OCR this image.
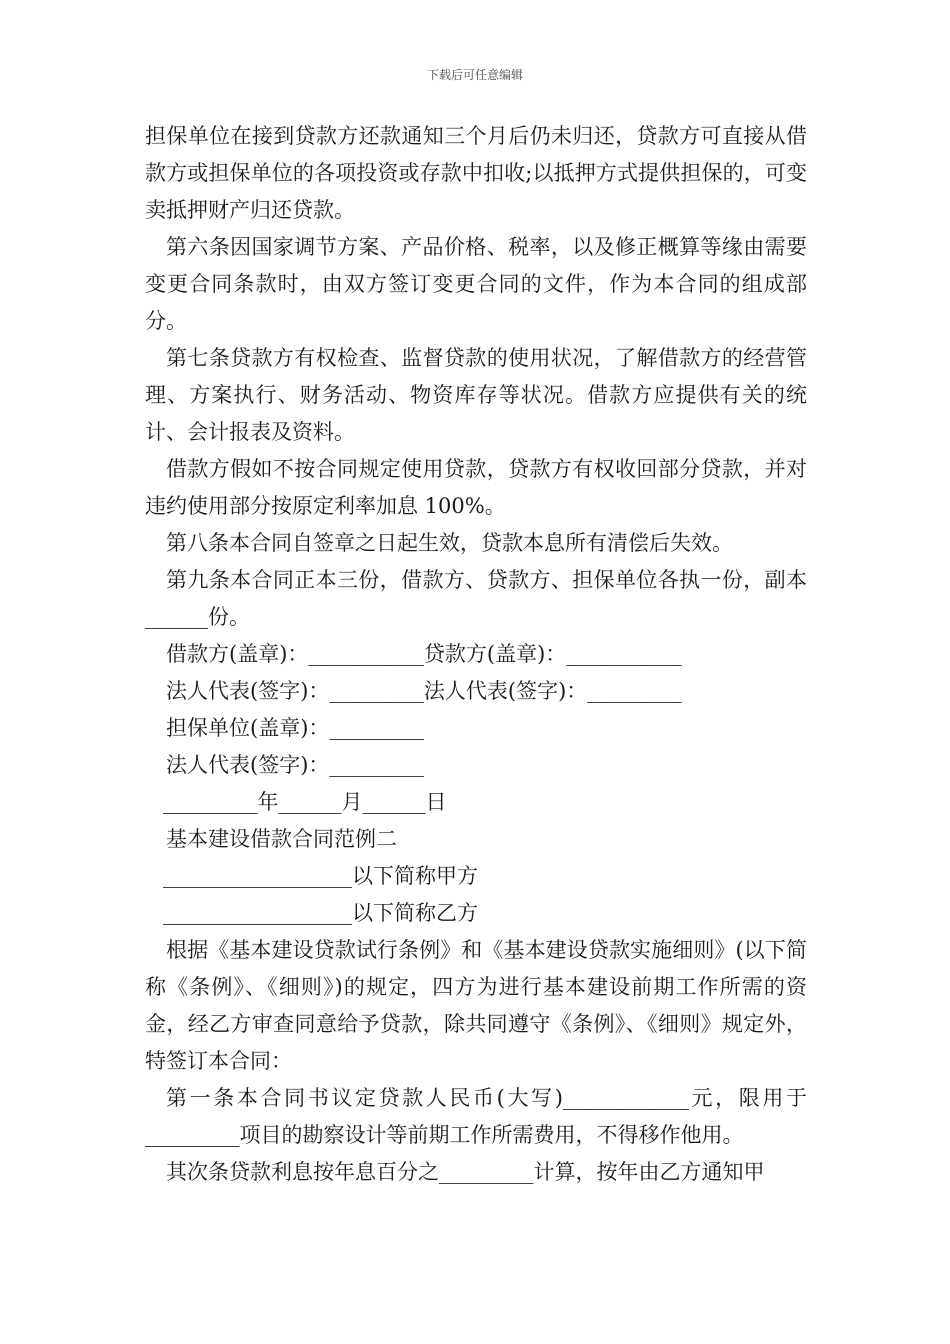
下载后可任意编辑

担保单位在接到贷款方还款通知三个月后仍未归还，贷款方可直接从借款方或担保单位的各项投资或存款中扣收;以抵押方式提供担保的，可变卖抵押财产归还贷款。

第六条因国家调节方案、产品价格、税率，以及修正概算等缘由需要变更合同条款时，由双方签订变更合同的文件，作为本合同的组成部分。

第七条贷款方有权检查、监督贷款的使用状况，了解借款方的经营管理、方案执行、财务活动、物资库存等状况。借款方应提供有关的统计、会计报表及资料。

借款方假如不按合同规定使用贷款，贷款方有权收回部分贷款，并对违约使用部分按原定利率加息 100%。

第八条本合同自签章之日起生效，贷款本息所有清偿后失效。

第九条本合同正本三份，借款方、贷款方、担保单位各执一份，副本______份。

借款方(盖章)：___________贷款方(盖章)：___________

法人代表(签字)：_________法人代表(签字)：_________

担保单位(盖章)：_________

法人代表(签字)：_________

_________年______月______日

基本建设借款合同范例二

__________________以下简称甲方

__________________以下简称乙方

根据《基本建设贷款试行条例》和《基本建设贷款实施细则》(以下简称《条例》、《细则》)的规定，四方为进行基本建设前期工作所需的资金，经乙方审查同意给予贷款，除共同遵守《条例》、《细则》规定外，特签订本合同：

第一条本合同书议定贷款人民币(大写)____________元，限用于_________项目的勘察设计等前期工作所需费用，不得移作他用。

其次条贷款利息按年息百分之_________计算，按年由乙方通知甲
